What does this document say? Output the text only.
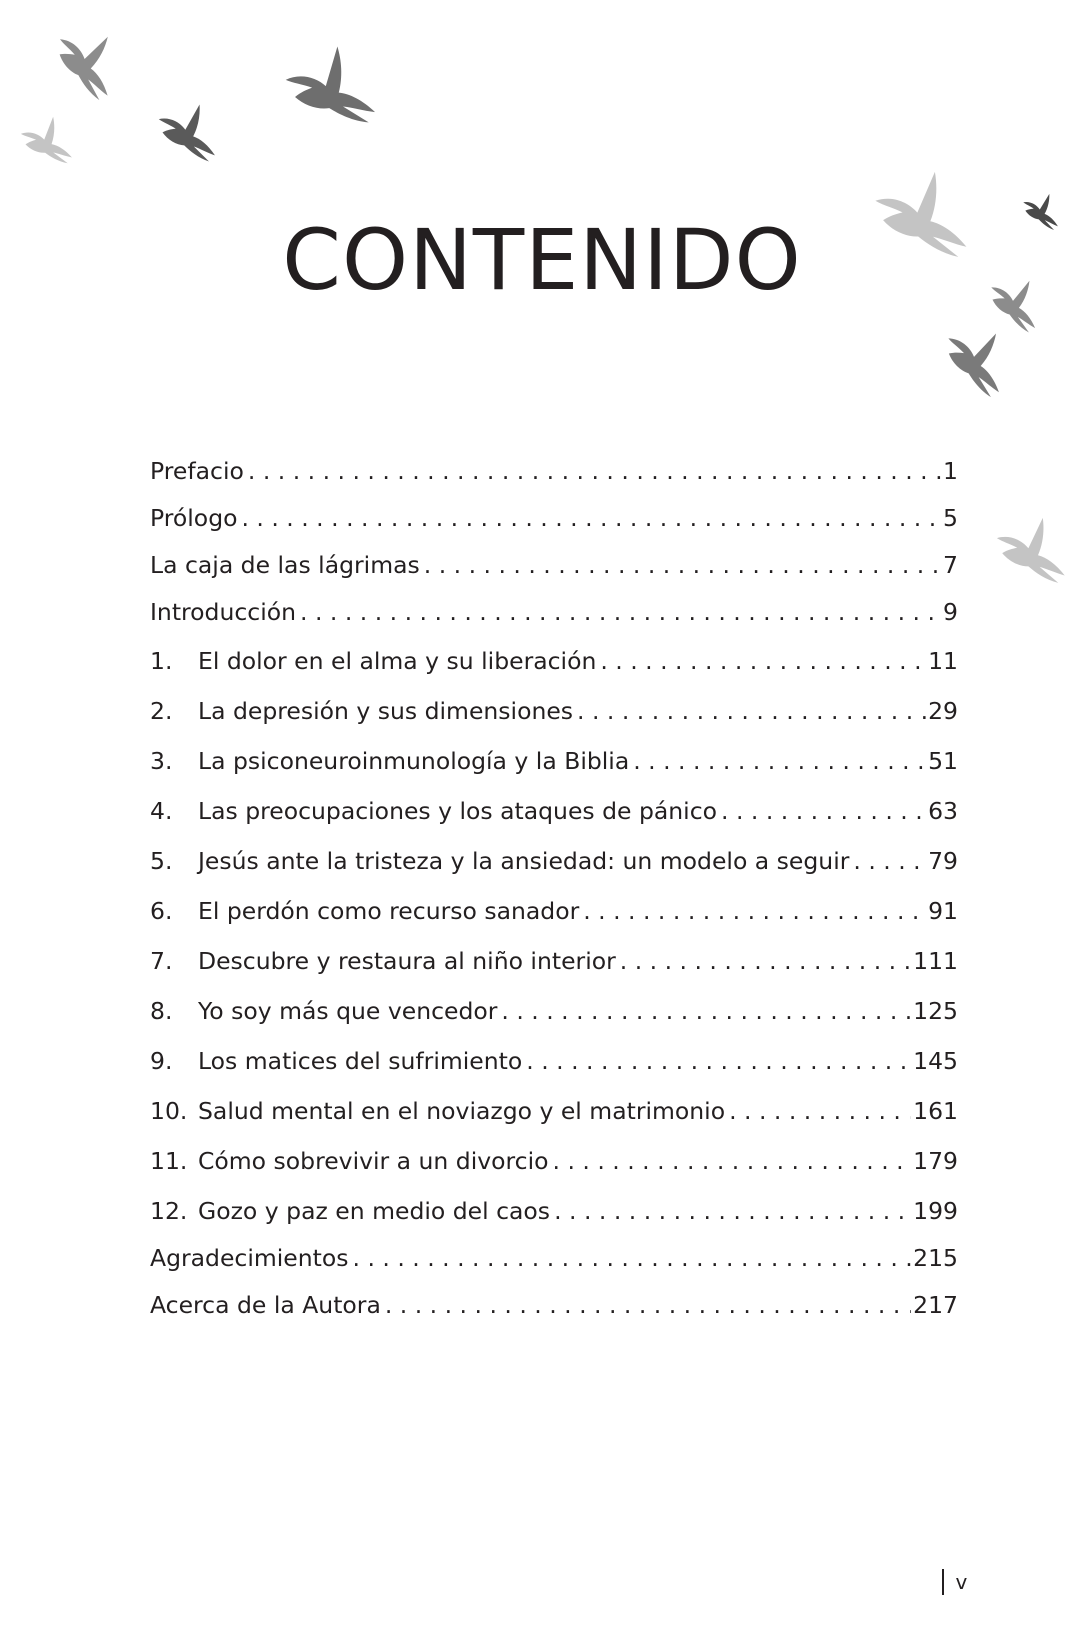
CONTENIDO
Prefacio . . .	1
Prólogo . . .	5
La caja de las lágrimas . . .	7
Introducción . . .	9
1.	El dolor en el alma y su liberación . . .	11
2.	La depresión y sus dimensiones . . .	29
3.	La psiconeuroinmunología y la Biblia . . .	51
4.	Las preocupaciones y los ataques de pánico . . .	63
5.	Jesús ante la tristeza y la ansiedad: un modelo a seguir . . .	79
6.	El perdón como recurso sanador . . .	91
7.	Descubre y restaura al niño interior . . .	111
8.	Yo soy más que vencedor . . .	125
9.	Los matices del sufrimiento . . .	145
10. Salud mental en el noviazgo y el matrimonio . . .	161
11. Cómo sobrevivir a un divorcio . . .	179
12. Gozo y paz en medio del caos . . .	199
Agradecimientos . . .	215
Acerca de la Autora . . .	217
v
